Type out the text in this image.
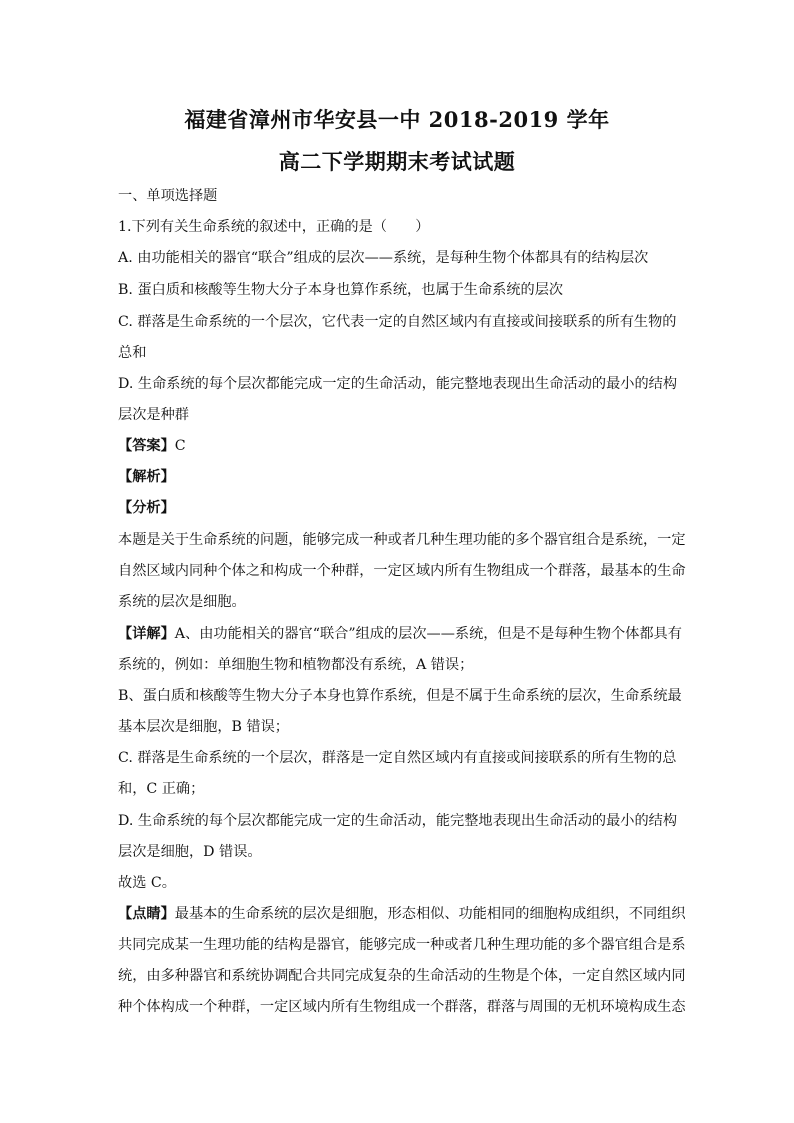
福建省漳州市华安县一中 2018-2019 学年
高二下学期期末考试试题
一、单项选择题
1.下列有关生命系统的叙述中，正确的是（　　）
A. 由功能相关的器官“联合”组成的层次——系统，是每种生物个体都具有的结构层次
B. 蛋白质和核酸等生物大分子本身也算作系统，也属于生命系统的层次
C. 群落是生命系统的一个层次，它代表一定的自然区域内有直接或间接联系的所有生物的
总和
D. 生命系统的每个层次都能完成一定的生命活动，能完整地表现出生命活动的最小的结构
层次是种群
【答案】C
【解析】
【分析】
本题是关于生命系统的问题，能够完成一种或者几种生理功能的多个器官组合是系统，一定
自然区域内同种个体之和构成一个种群，一定区域内所有生物组成一个群落，最基本的生命
系统的层次是细胞。
【详解】A、由功能相关的器官“联合”组成的层次——系统，但是不是每种生物个体都具有
系统的，例如：单细胞生物和植物都没有系统，A 错误；
B、蛋白质和核酸等生物大分子本身也算作系统，但是不属于生命系统的层次，生命系统最
基本层次是细胞，B 错误；
C. 群落是生命系统的一个层次，群落是一定自然区域内有直接或间接联系的所有生物的总
和，C 正确；
D. 生命系统的每个层次都能完成一定的生命活动，能完整地表现出生命活动的最小的结构
层次是细胞，D 错误。
故选 C。
【点睛】最基本的生命系统的层次是细胞，形态相似、功能相同的细胞构成组织，不同组织
共同完成某一生理功能的结构是器官，能够完成一种或者几种生理功能的多个器官组合是系
统，由多种器官和系统协调配合共同完成复杂的生命活动的生物是个体，一定自然区域内同
种个体构成一个种群，一定区域内所有生物组成一个群落，群落与周围的无机环境构成生态
